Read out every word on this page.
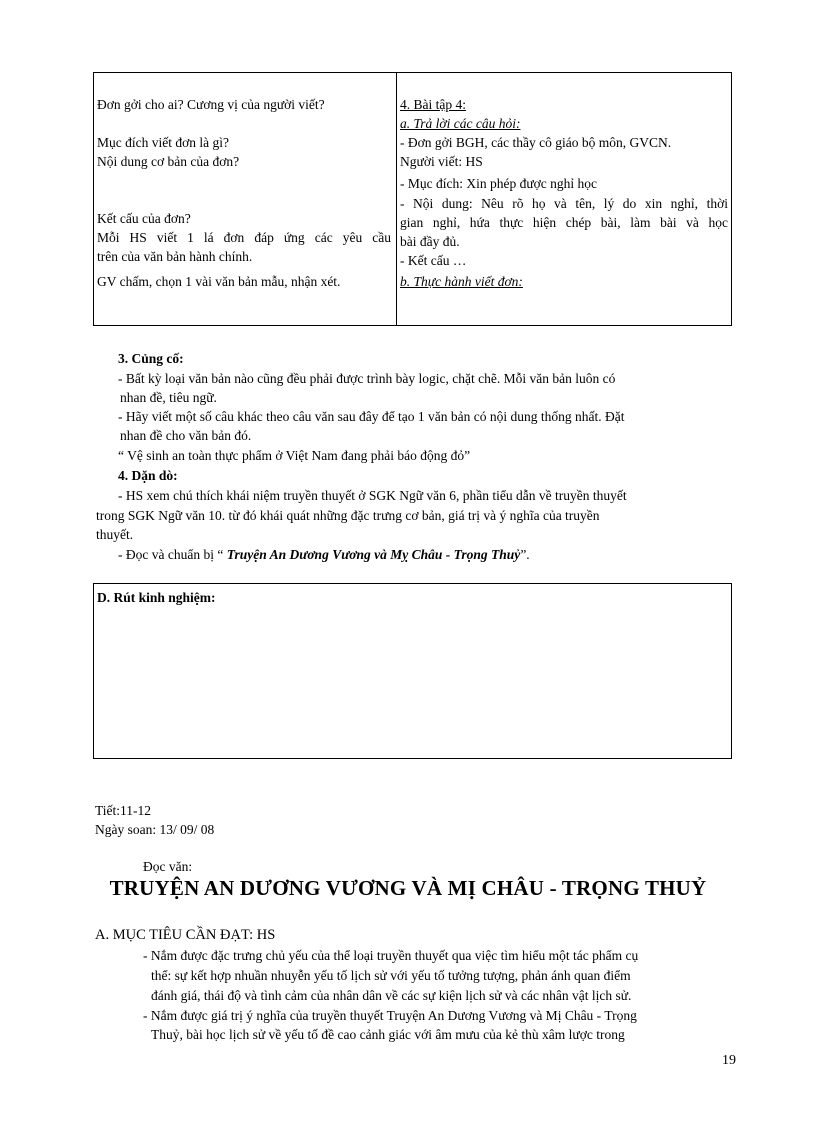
Đơn gởi cho ai? Cương vị của người viết?
Mục đích viết đơn là gì?
Nội dung cơ bản của đơn?
Kết cấu của đơn?
Mỗi HS viết 1 lá đơn đáp ứng các yêu cầu
trên của văn bản hành chính.
GV chấm, chọn 1 vài văn bản mẫu, nhận xét.
4. Bài tập 4:
a. Trả lời các câu hỏi:
- Đơn gởi BGH, các thầy cô giáo bộ môn, GVCN.
Người viết: HS
- Mục đích: Xin phép được nghỉ học
- Nội dung: Nêu rõ họ và tên, lý do xin nghỉ, thời
gian nghỉ, hứa thực hiện chép bài, làm bài và học
bài đầy đủ.
- Kết cấu …
b. Thực hành viết đơn:
3. Củng cố:
- Bất kỳ loại văn bản nào cũng đều phải được trình bày logic, chặt chẽ. Mỗi văn bản luôn có
nhan đề, tiêu ngữ.
- Hãy viết một số câu khác theo câu văn sau đây để tạo 1 văn bản có nội dung thống nhất. Đặt
nhan đề cho văn bản đó.
“ Vệ sinh an toàn thực phẩm ở Việt Nam đang phải báo động đỏ”
4. Dặn dò:
- HS xem chú thích khái niệm truyền thuyết ở SGK Ngữ văn 6, phần tiểu dẫn về truyền thuyết
trong SGK Ngữ văn 10. từ đó khái quát những đặc trưng cơ bản, giá trị và ý nghĩa của truyền
thuyết.
- Đọc và chuẩn bị “ Truyện An Dương Vương và Mỵ Châu - Trọng Thuỷ”.
D. Rút kinh nghiệm:
Tiết:11-12
Ngày soan: 13/ 09/ 08
Đọc văn:
TRUYỆN AN DƯƠNG VƯƠNG VÀ MỊ CHÂU - TRỌNG THUỶ
A. MỤC TIÊU CẦN ĐẠT: HS
- Nắm được đặc trưng chủ yếu của thể loại truyền thuyết qua việc tìm hiểu một tác phẩm cụ
thể: sự kết hợp nhuần nhuyễn yếu tố lịch sử với yếu tố tưởng tượng, phản ánh quan điểm
đánh giá, thái độ và tình cảm của nhân dân về các sự kiện lịch sử và các nhân vật lịch sử.
- Nắm được giá trị ý nghĩa của truyền thuyết Truyện An Dương Vương và Mị Châu - Trọng
Thuỷ, bài học lịch sử về yếu tố đề cao cảnh giác với âm mưu của kẻ thù xâm lược trong
19
